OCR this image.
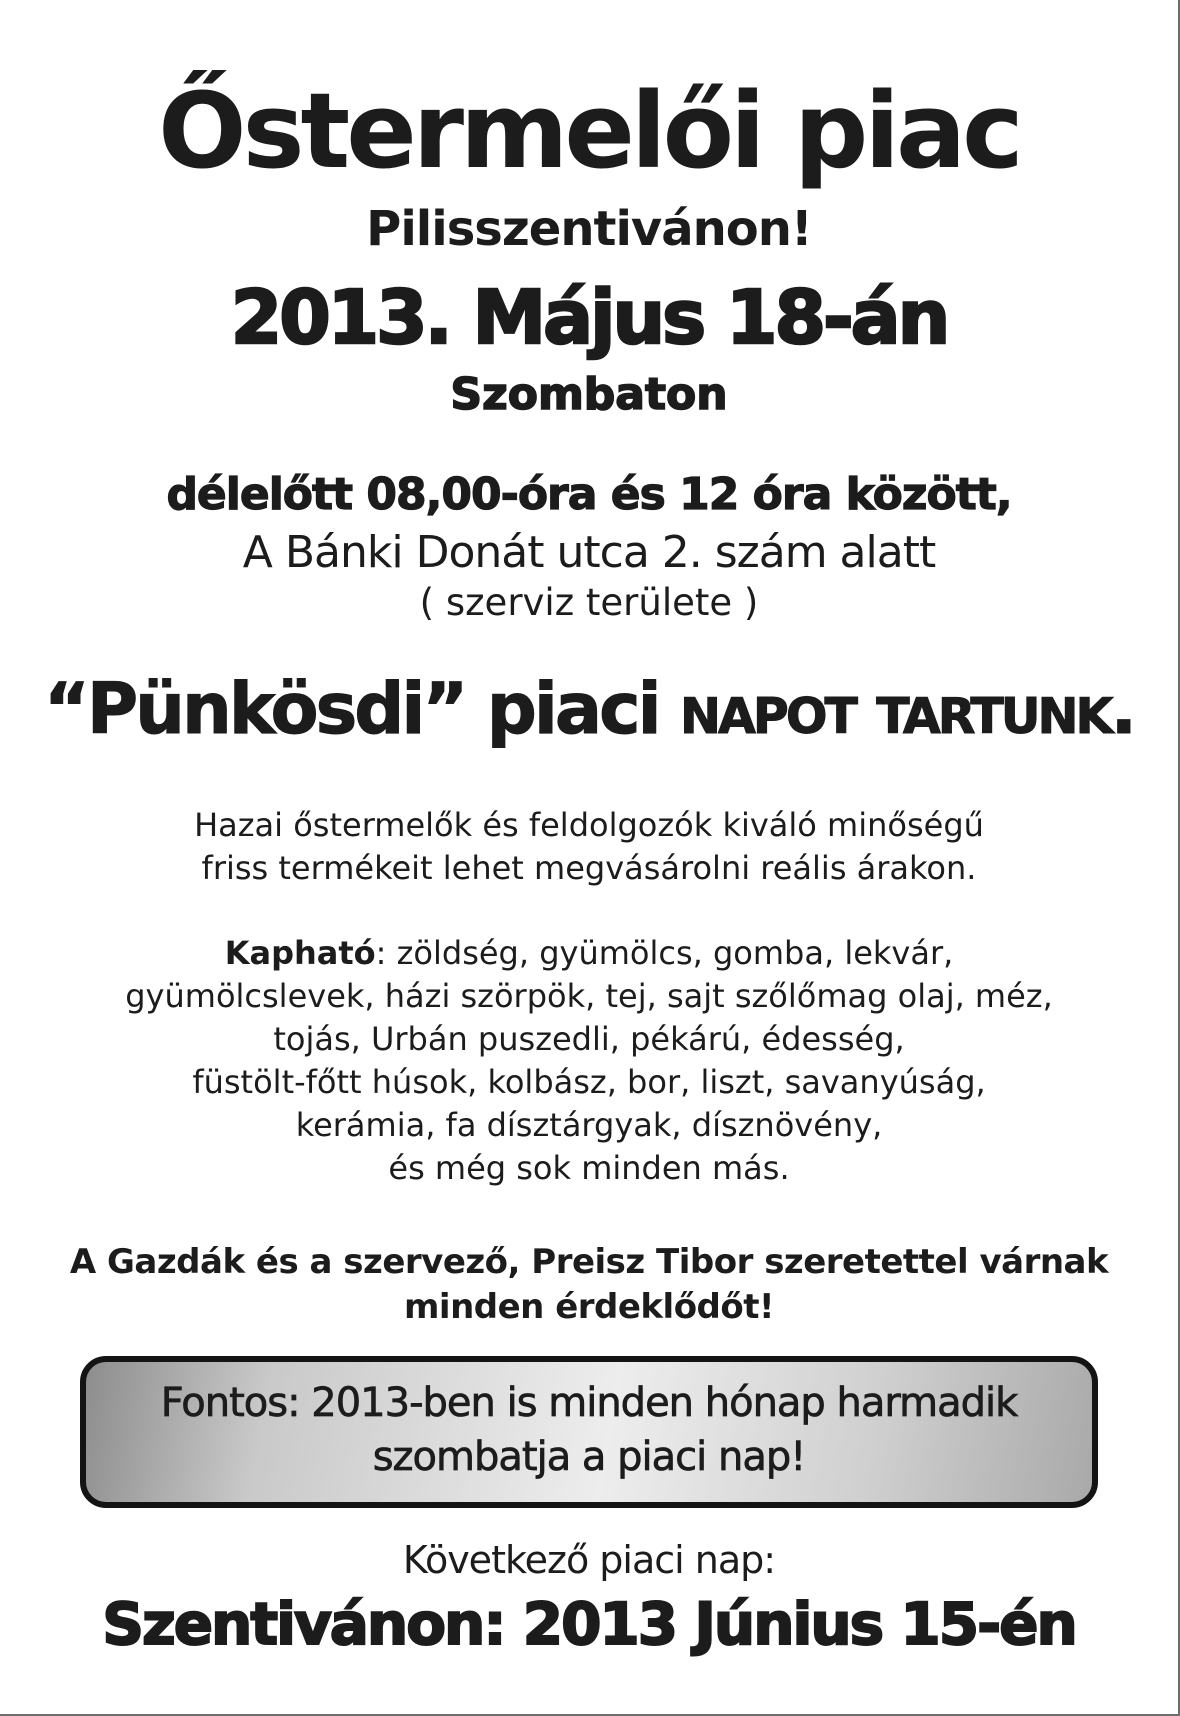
Őstermelői piac
Pilisszentivánon!
2013. Május 18-án
Szombaton
délelőtt 08,00-óra és 12 óra között,
A Bánki Donát utca 2. szám alatt
( szerviz területe )
“Pünkösdi” piaci napot tartunk.
Hazai őstermelők és feldolgozók kiváló minőségű
friss termékeit lehet megvásárolni reális árakon.
Kapható: zöldség, gyümölcs, gomba, lekvár,
gyümölcslevek, házi szörpök, tej, sajt szőlőmag olaj, méz,
tojás, Urbán puszedli, pékárú, édesség,
füstölt-főtt húsok, kolbász, bor, liszt, savanyúság,
kerámia, fa dísztárgyak, dísznövény,
és még sok minden más.
A Gazdák és a szervező, Preisz Tibor szeretettel várnak
minden érdeklődőt!
Fontos: 2013-ben is minden hónap harmadik
szombatja a piaci nap!
Következő piaci nap:
Szentivánon: 2013 Június 15-én
